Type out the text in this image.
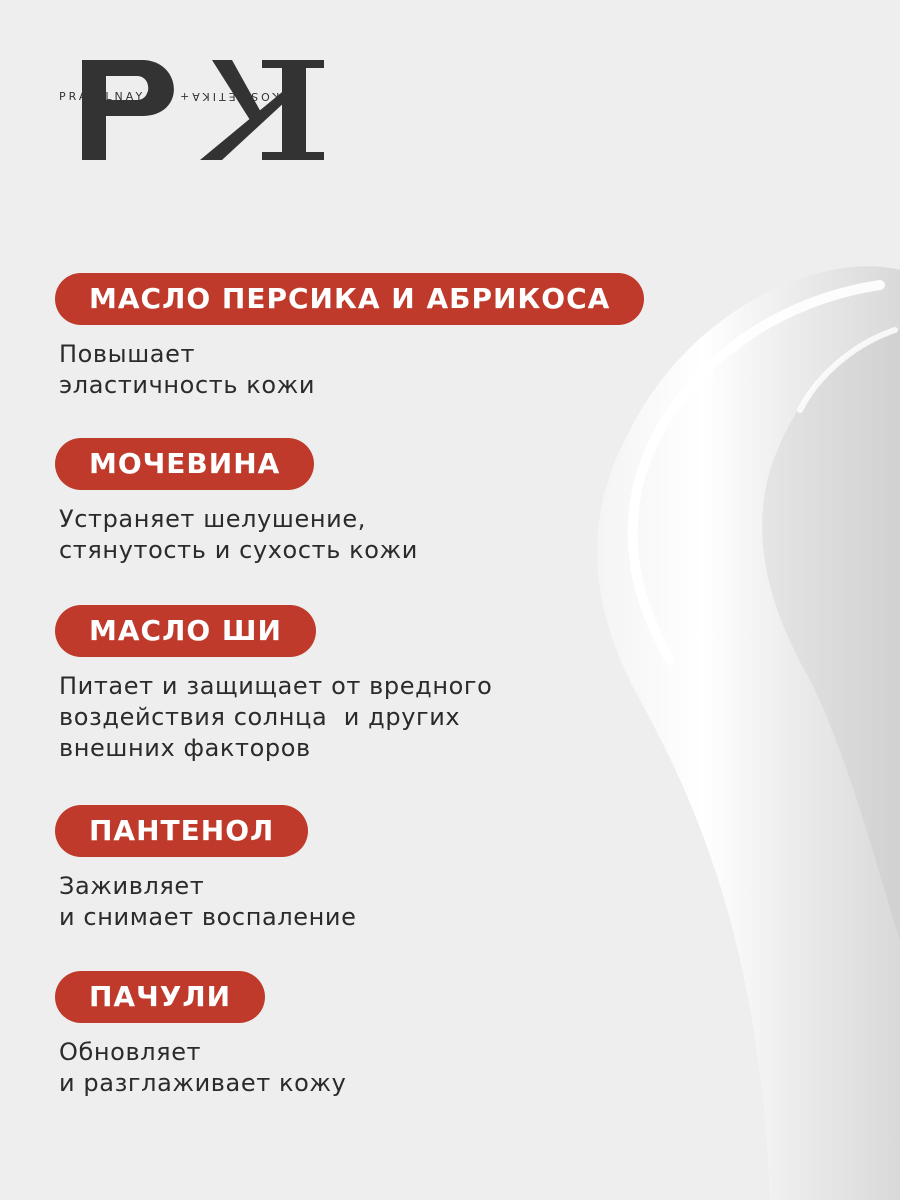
PRAVILNAYA+ KOSMETIKA+
МАСЛО ПЕРСИКА И АБРИКОСА
Повышает
эластичность кожи
МОЧЕВИНА
Устраняет шелушение,
стянутость и сухость кожи
МАСЛО ШИ
Питает и защищает от вредного
воздействия солнца  и других
внешних факторов
ПАНТЕНОЛ
Заживляет
и снимает воспаление
ПАЧУЛИ
Обновляет
и разглаживает кожу
